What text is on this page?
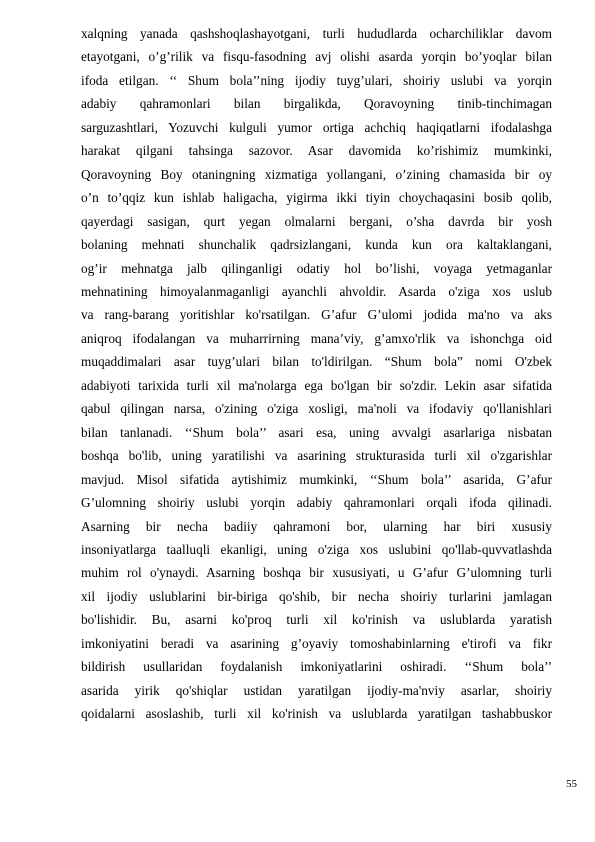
xalqning yanada qashshoqlashayotgani, turli hududlarda ocharchiliklar davom
etayotgani, o’g’rilik va fisqu-fasodning avj olishi asarda yorqin bo’yoqlar bilan
ifoda etilgan. ‘‘ Shum bola’’ning ijodiy tuyg’ulari, shoiriy uslubi va yorqin
adabiy qahramonlari bilan birgalikda, Qoravoyning tinib-tinchimagan
sarguzashtlari, Yozuvchi kulguli yumor ortiga achchiq haqiqatlarni ifodalashga
harakat qilgani tahsinga sazovor. Asar davomida ko’rishimiz mumkinki,
Qoravoyning Boy otaningning xizmatiga yollangani, o’zining chamasida bir oy
o’n to’qqiz kun ishlab haligacha, yigirma ikki tiyin choychaqasini bosib qolib,
qayerdagi sasigan, qurt yegan olmalarni bergani, o’sha davrda bir yosh
bolaning mehnati shunchalik qadrsizlangani, kunda kun ora kaltaklangani,
og’ir mehnatga jalb qilinganligi odatiy hol bo’lishi, voyaga yetmaganlar
mehnatining himoyalanmaganligi ayanchli ahvoldir. Asarda o'ziga xos uslub
va rang-barang yoritishlar ko'rsatilgan. G’afur G’ulomi jodida ma'no va aks
aniqroq ifodalangan va muharrirning mana’viy, g’amxo'rlik va ishonchga oid
muqaddimalari asar tuyg’ulari bilan to'ldirilgan. “Shum bola” nomi O'zbek
adabiyoti tarixida turli xil ma'nolarga ega bo'lgan bir so'zdir. Lekin asar sifatida
qabul qilingan narsa, o'zining o'ziga xosligi, ma'noli va ifodaviy qo'llanishlari
bilan tanlanadi. ‘‘Shum bola’’ asari esa, uning avvalgi asarlariga nisbatan
boshqa bo'lib, uning yaratilishi va asarining strukturasida turli xil o'zgarishlar
mavjud. Misol sifatida aytishimiz mumkinki, ‘‘Shum bola’’ asarida, G’afur
G’ulomning shoiriy uslubi yorqin adabiy qahramonlari orqali ifoda qilinadi.
Asarning bir necha badiiy qahramoni bor, ularning har biri xususiy
insoniyatlarga taalluqli ekanligi, uning o'ziga xos uslubini qo'llab-quvvatlashda
muhim rol o'ynaydi. Asarning boshqa bir xususiyati, u G’afur G’ulomning turli
xil ijodiy uslublarini bir-biriga qo'shib, bir necha shoiriy turlarini jamlagan
bo'lishidir. Bu, asarni ko'proq turli xil ko'rinish va uslublarda yaratish
imkoniyatini beradi va asarining g’oyaviy tomoshabinlarning e'tirofi va fikr
bildirish usullaridan foydalanish imkoniyatlarini oshiradi. ‘‘Shum bola’’
asarida yirik qo'shiqlar ustidan yaratilgan ijodiy-ma'nviy asarlar, shoiriy
qoidalarni asoslashib, turli xil ko'rinish va uslublarda yaratilgan tashabbuskor
55
